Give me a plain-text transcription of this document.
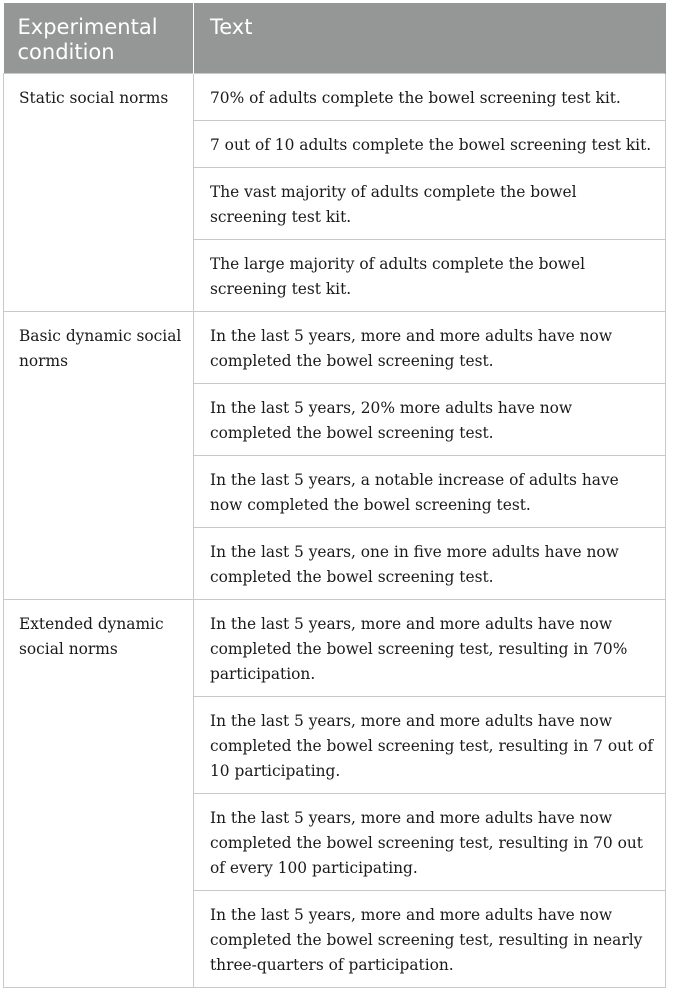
Experimental condition	Text
Static social norms	70% of adults complete the bowel screening test kit.
	7 out of 10 adults complete the bowel screening test kit.
	The vast majority of adults complete the bowel screening test kit.
	The large majority of adults complete the bowel screening test kit.
Basic dynamic social norms	In the last 5 years, more and more adults have now completed the bowel screening test.
	In the last 5 years, 20% more adults have now completed the bowel screening test.
	In the last 5 years, a notable increase of adults have now completed the bowel screening test.
	In the last 5 years, one in five more adults have now completed the bowel screening test.
Extended dynamic social norms	In the last 5 years, more and more adults have now completed the bowel screening test, resulting in 70% participation.
	In the last 5 years, more and more adults have now completed the bowel screening test, resulting in 7 out of 10 participating.
	In the last 5 years, more and more adults have now completed the bowel screening test, resulting in 70 out of every 100 participating.
	In the last 5 years, more and more adults have now completed the bowel screening test, resulting in nearly three-quarters of participation.
